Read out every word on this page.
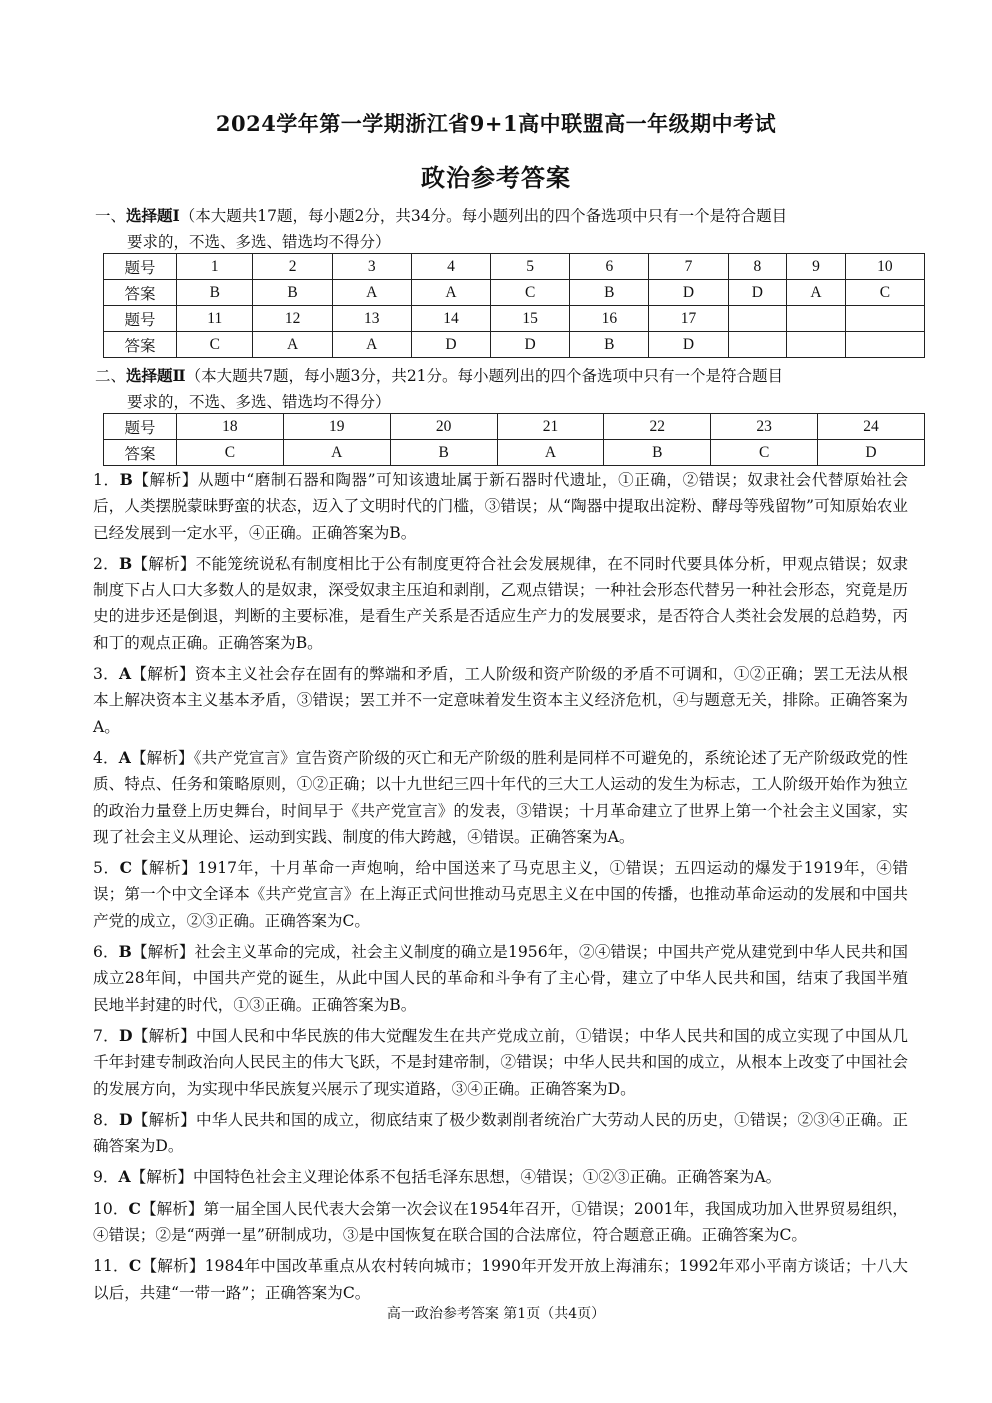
2024学年第一学期浙江省9+1高中联盟高一年级期中考试
政治参考答案
一、选择题Ⅰ（本大题共17题，每小题2分，共34分。每小题列出的四个备选项中只有一个是符合题目
要求的，不选、多选、错选均不得分）
题号	1	2	3	4	5	6	7	8	9	10
答案	B	B	A	A	C	B	D	D	A	C
题号	11	12	13	14	15	16	17			
答案	C	A	A	D	D	B	D			
二、选择题Ⅱ（本大题共7题，每小题3分，共21分。每小题列出的四个备选项中只有一个是符合题目
要求的，不选、多选、错选均不得分）
题号	18	19	20	21	22	23	24
答案	C	A	B	A	B	C	D
1．B【解析】从题中“磨制石器和陶器”可知该遗址属于新石器时代遗址，①正确，②错误；奴隶社会代替原始社会后，人类摆脱蒙昧野蛮的状态，迈入了文明时代的门槛，③错误；从“陶器中提取出淀粉、酵母等残留物”可知原始农业已经发展到一定水平，④正确。正确答案为B。
2．B【解析】不能笼统说私有制度相比于公有制度更符合社会发展规律，在不同时代要具体分析，甲观点错误；奴隶制度下占人口大多数人的是奴隶，深受奴隶主压迫和剥削，乙观点错误；一种社会形态代替另一种社会形态，究竟是历史的进步还是倒退，判断的主要标准，是看生产关系是否适应生产力的发展要求，是否符合人类社会发展的总趋势，丙和丁的观点正确。正确答案为B。
3．A【解析】资本主义社会存在固有的弊端和矛盾，工人阶级和资产阶级的矛盾不可调和，①②正确；罢工无法从根本上解决资本主义基本矛盾，③错误；罢工并不一定意味着发生资本主义经济危机，④与题意无关，排除。正确答案为A。
4．A【解析】《共产党宣言》宣告资产阶级的灭亡和无产阶级的胜利是同样不可避免的，系统论述了无产阶级政党的性质、特点、任务和策略原则，①②正确；以十九世纪三四十年代的三大工人运动的发生为标志，工人阶级开始作为独立的政治力量登上历史舞台，时间早于《共产党宣言》的发表，③错误；十月革命建立了世界上第一个社会主义国家，实现了社会主义从理论、运动到实践、制度的伟大跨越，④错误。正确答案为A。
5．C【解析】1917年，十月革命一声炮响，给中国送来了马克思主义，①错误；五四运动的爆发于1919年，④错误；第一个中文全译本《共产党宣言》在上海正式问世推动马克思主义在中国的传播，也推动革命运动的发展和中国共产党的成立，②③正确。正确答案为C。
6．B【解析】社会主义革命的完成，社会主义制度的确立是1956年，②④错误；中国共产党从建党到中华人民共和国成立28年间，中国共产党的诞生，从此中国人民的革命和斗争有了主心骨，建立了中华人民共和国，结束了我国半殖民地半封建的时代，①③正确。正确答案为B。
7．D【解析】中国人民和中华民族的伟大觉醒发生在共产党成立前，①错误；中华人民共和国的成立实现了中国从几千年封建专制政治向人民民主的伟大飞跃，不是封建帝制，②错误；中华人民共和国的成立，从根本上改变了中国社会的发展方向，为实现中华民族复兴展示了现实道路，③④正确。正确答案为D。
8．D【解析】中华人民共和国的成立，彻底结束了极少数剥削者统治广大劳动人民的历史，①错误；②③④正确。正确答案为D。
9．A【解析】中国特色社会主义理论体系不包括毛泽东思想，④错误；①②③正确。正确答案为A。
10．C【解析】第一届全国人民代表大会第一次会议在1954年召开，①错误；2001年，我国成功加入世界贸易组织，④错误；②是“两弹一星”研制成功，③是中国恢复在联合国的合法席位，符合题意正确。正确答案为C。
11．C【解析】1984年中国改革重点从农村转向城市；1990年开发开放上海浦东；1992年邓小平南方谈话；十八大以后，共建“一带一路”；正确答案为C。
高一政治参考答案 第1页（共4页）
